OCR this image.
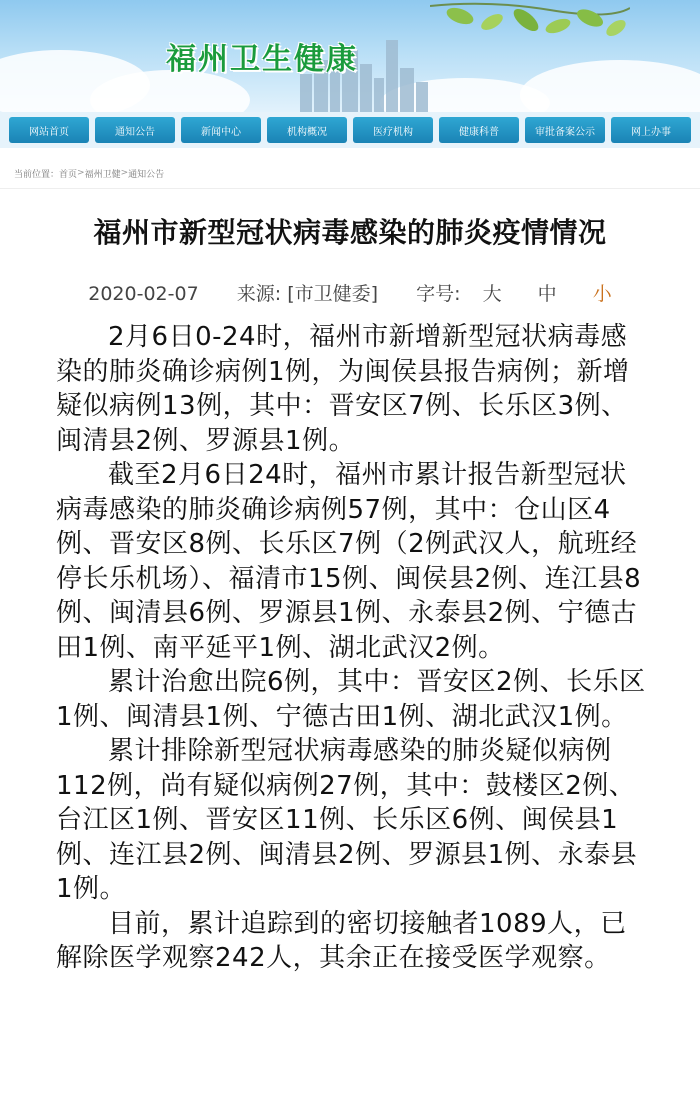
福州卫生健康
网站首页	通知公告	新闻中心	机构概况	医疗机构	健康科普	审批备案公示	网上办事
当前位置： 首页 > 福州卫健 > 通知公告
福州市新型冠状病毒感染的肺炎疫情情况
2020-02-07 来源: [市卫健委] 字号: 大 中 小

2月6日0-24时，福州市新增新型冠状病毒感染的肺炎确诊病例1例，为闽侯县报告病例；新增疑似病例13例，其中：晋安区7例、长乐区3例、闽清县2例、罗源县1例。

截至2月6日24时，福州市累计报告新型冠状病毒感染的肺炎确诊病例57例，其中：仓山区4例、晋安区8例、长乐区7例（2例武汉人，航班经停长乐机场）、福清市15例、闽侯县2例、连江县8例、闽清县6例、罗源县1例、永泰县2例、宁德古田1例、南平延平1例、湖北武汉2例。

累计治愈出院6例，其中：晋安区2例、长乐区1例、闽清县1例、宁德古田1例、湖北武汉1例。

累计排除新型冠状病毒感染的肺炎疑似病例112例，尚有疑似病例27例，其中：鼓楼区2例、台江区1例、晋安区11例、长乐区6例、闽侯县1例、连江县2例、闽清县2例、罗源县1例、永泰县1例。

目前，累计追踪到的密切接触者1089人，已解除医学观察242人，其余正在接受医学观察。
